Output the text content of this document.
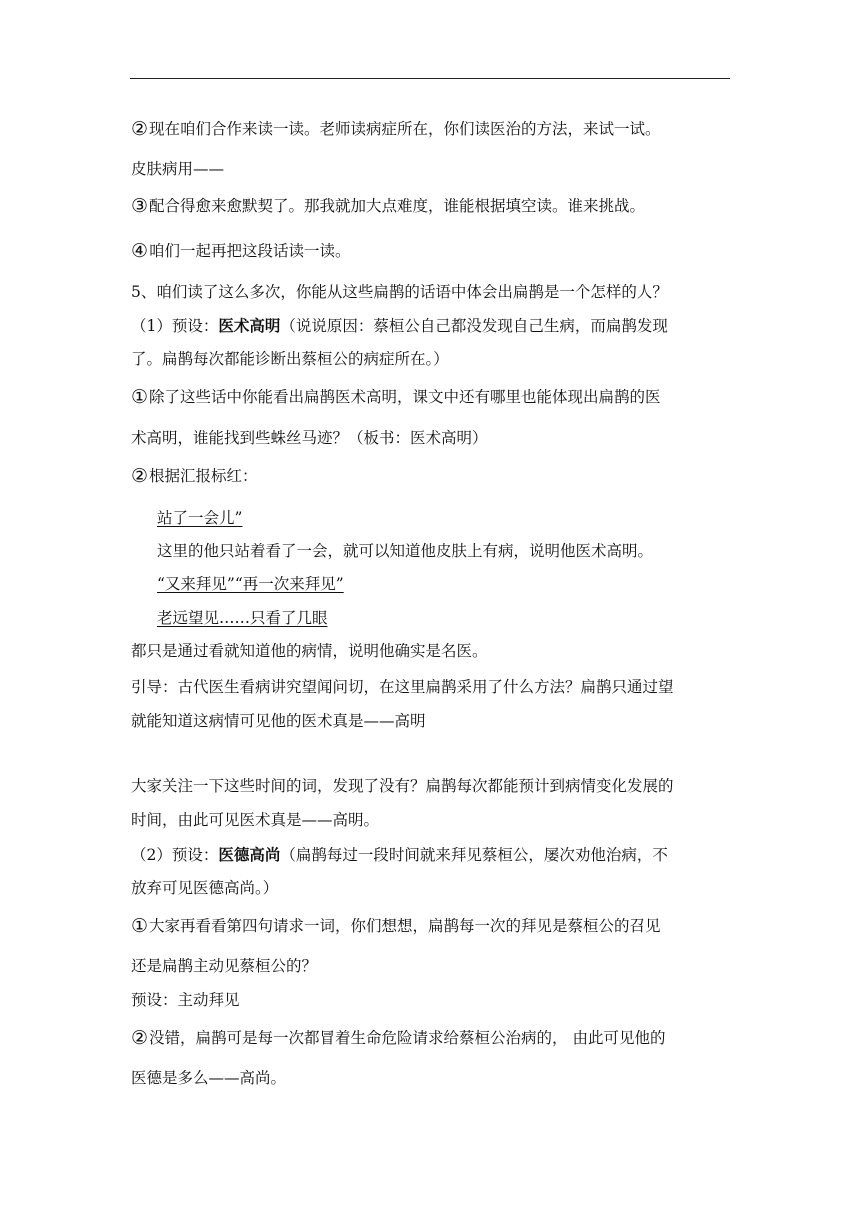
②现在咱们合作来读一读。老师读病症所在，你们读医治的方法，来试一试。
皮肤病用——
③配合得愈来愈默契了。那我就加大点难度，谁能根据填空读。谁来挑战。
④咱们一起再把这段话读一读。
5、咱们读了这么多次，你能从这些扁鹊的话语中体会出扁鹊是一个怎样的人？
（1）预设：医术高明（说说原因：蔡桓公自己都没发现自己生病，而扁鹊发现
了。扁鹊每次都能诊断出蔡桓公的病症所在。）
①除了这些话中你能看出扁鹊医术高明，课文中还有哪里也能体现出扁鹊的医
术高明，谁能找到些蛛丝马迹？（板书：医术高明）
②根据汇报标红：
站了一会儿”
这里的他只站着看了一会，就可以知道他皮肤上有病，说明他医术高明。
“又来拜见”“再一次来拜见”
老远望见……只看了几眼
都只是通过看就知道他的病情，说明他确实是名医。
引导：古代医生看病讲究望闻问切，在这里扁鹊采用了什么方法？扁鹊只通过望
就能知道这病情可见他的医术真是——高明
大家关注一下这些时间的词，发现了没有？扁鹊每次都能预计到病情变化发展的
时间，由此可见医术真是——高明。
（2）预设：医德高尚（扁鹊每过一段时间就来拜见蔡桓公，屡次劝他治病，不
放弃可见医德高尚。）
①大家再看看第四句请求一词，你们想想，扁鹊每一次的拜见是蔡桓公的召见
还是扁鹊主动见蔡桓公的？
预设：主动拜见
②没错，扁鹊可是每一次都冒着生命危险请求给蔡桓公治病的， 由此可见他的
医德是多么——高尚。
